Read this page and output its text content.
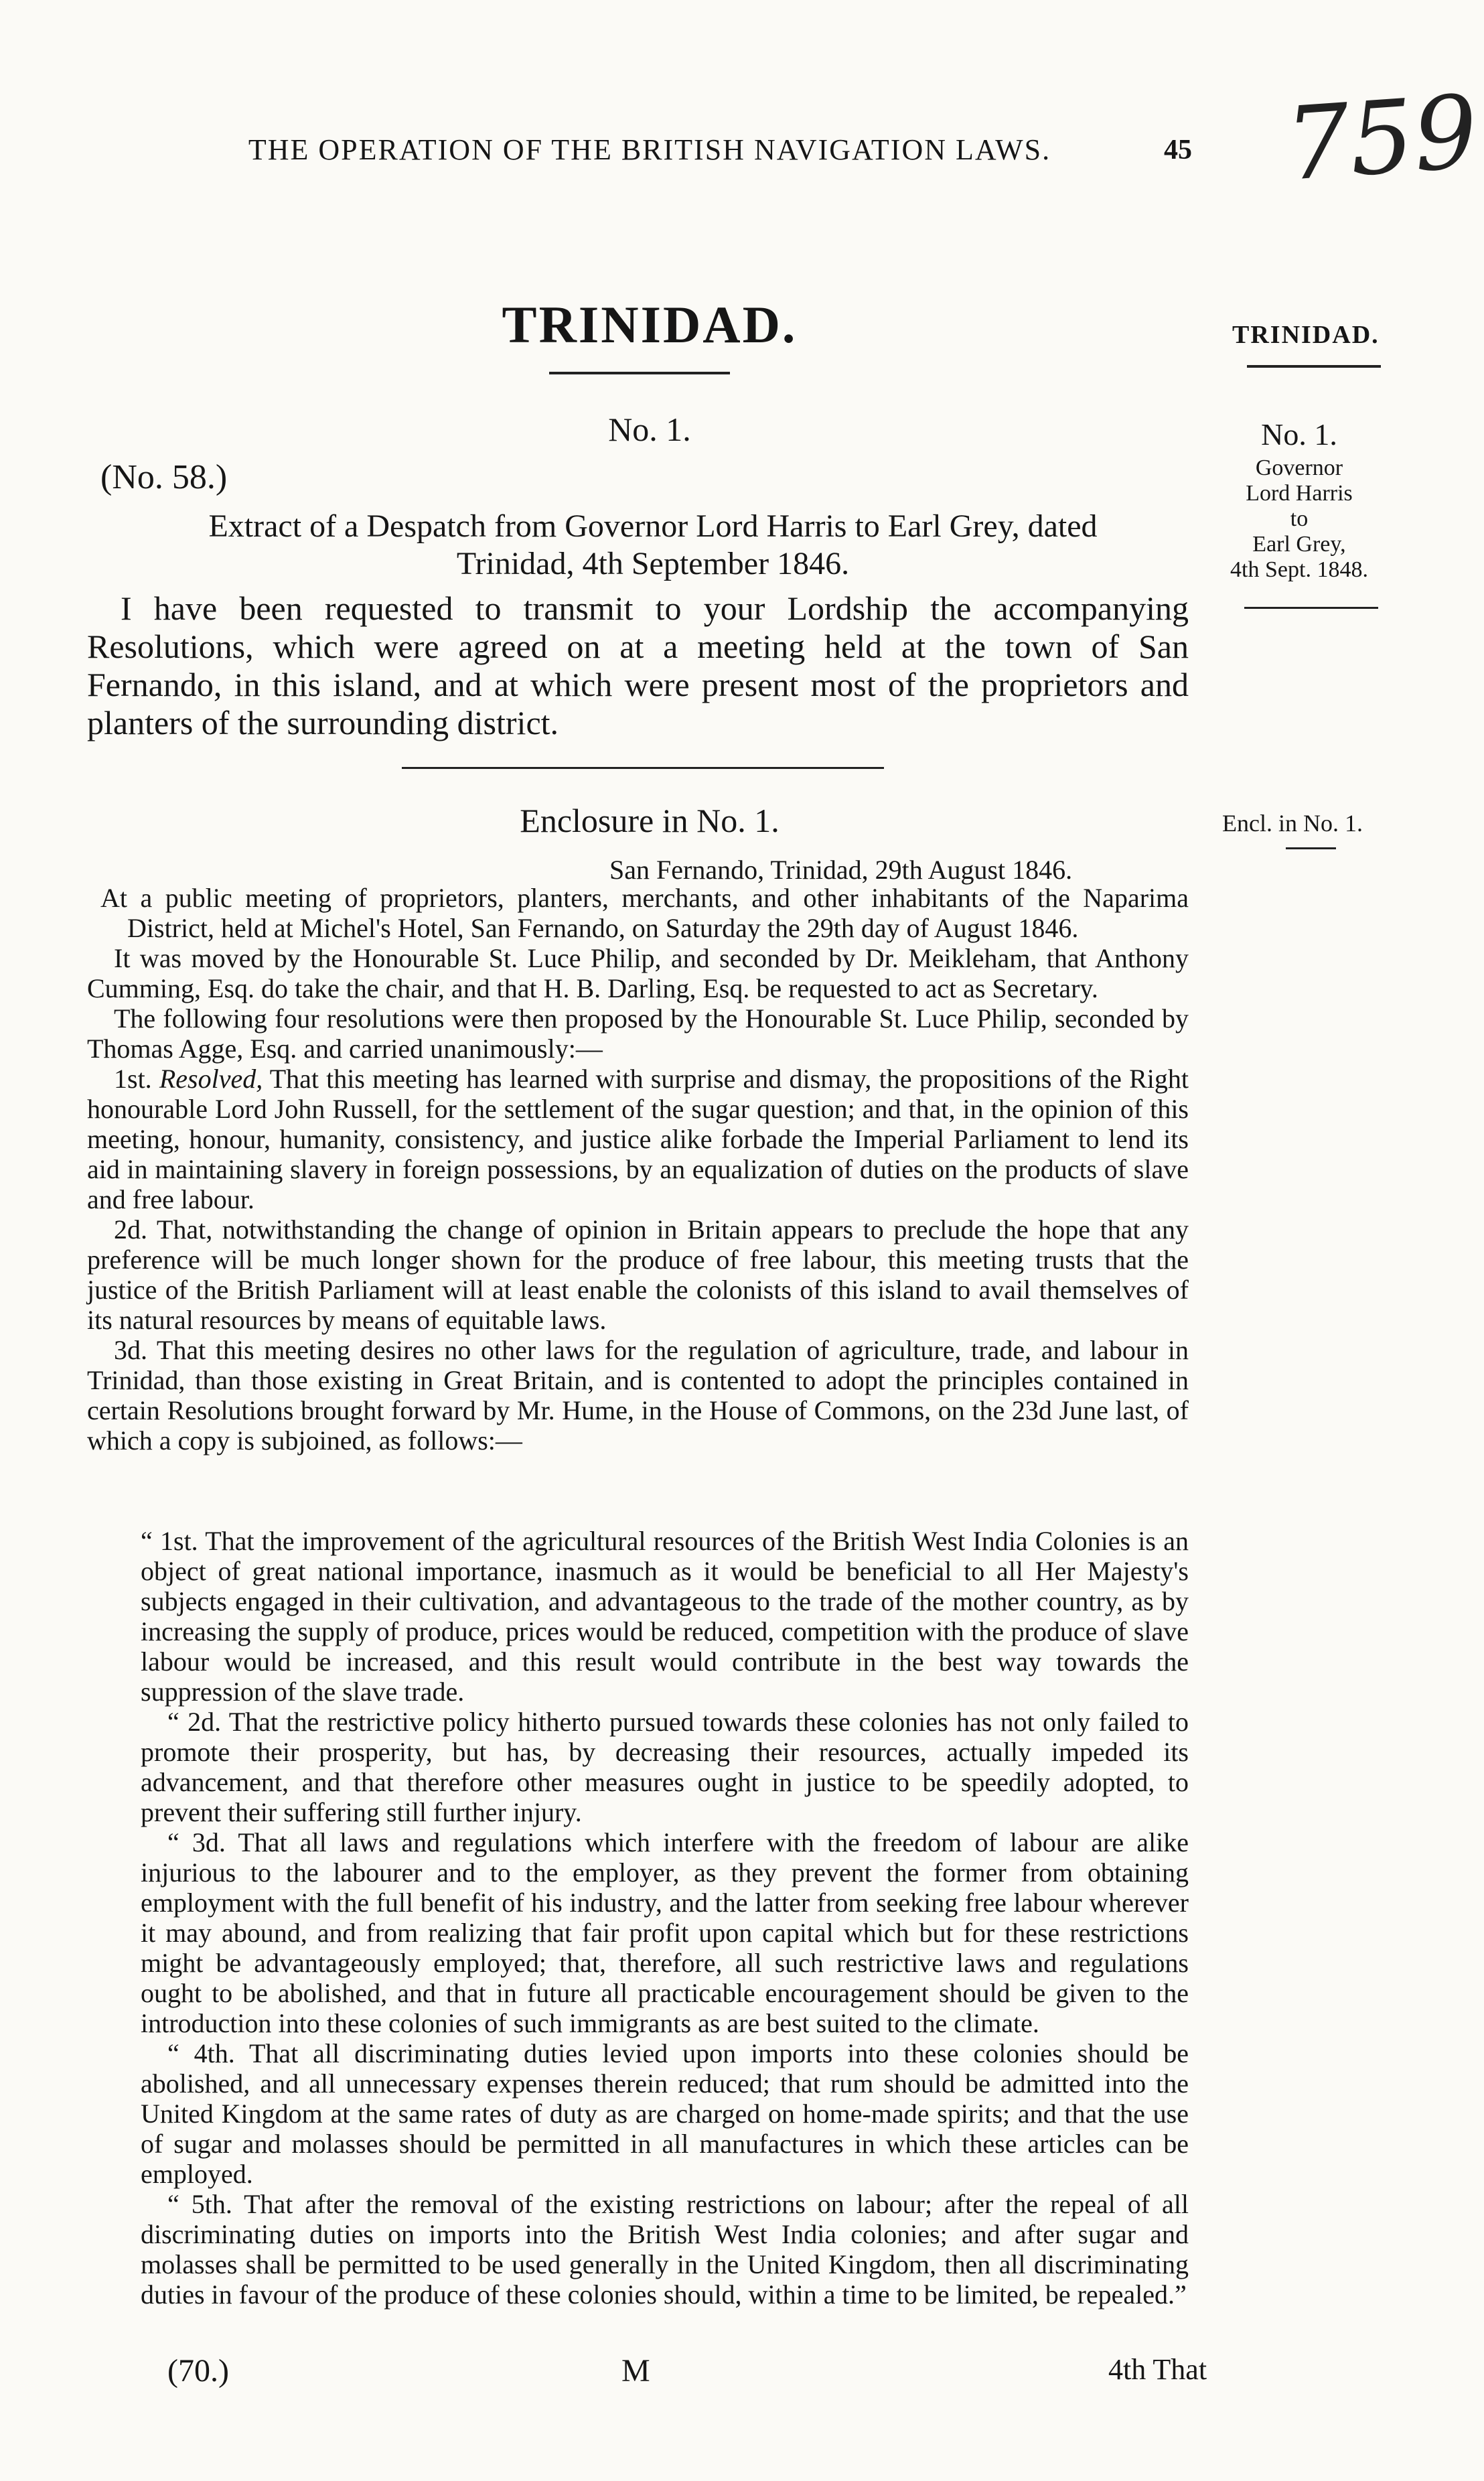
THE OPERATION OF THE BRITISH NAVIGATION LAWS.	45 759
TRINIDAD.	TRINIDAD.
No. 1.
(No. 58.)
Extract of a Despatch from Governor Lord Harris to Earl Grey, dated
Trinidad, 4th September 1846.
I have been requested to transmit to your Lordship the accompanying Resolutions, which were agreed on at a meeting held at the town of San Fernando, in this island, and at which were present most of the proprietors and planters of the surrounding district.
No. 1.
Governor
Lord Harris
to
Earl Grey,
4th Sept. 1848.
Enclosure in No. 1.	Encl. in No. 1.
San Fernando, Trinidad, 29th August 1846.

At a public meeting of proprietors, planters, merchants, and other inhabitants of the Naparima District, held at Michel's Hotel, San Fernando, on Saturday the 29th day of August 1846.

It was moved by the Honourable St. Luce Philip, and seconded by Dr. Meikleham, that Anthony Cumming, Esq. do take the chair, and that H. B. Darling, Esq. be requested to act as Secretary.

The following four resolutions were then proposed by the Honourable St. Luce Philip, seconded by Thomas Agge, Esq. and carried unanimously:—

1st. Resolved, That this meeting has learned with surprise and dismay, the propositions of the Right honourable Lord John Russell, for the settlement of the sugar question; and that, in the opinion of this meeting, honour, humanity, consistency, and justice alike forbade the Imperial Parliament to lend its aid in maintaining slavery in foreign possessions, by an equalization of duties on the products of slave and free labour.

2d. That, notwithstanding the change of opinion in Britain appears to preclude the hope that any preference will be much longer shown for the produce of free labour, this meeting trusts that the justice of the British Parliament will at least enable the colonists of this island to avail themselves of its natural resources by means of equitable laws.

3d. That this meeting desires no other laws for the regulation of agriculture, trade, and labour in Trinidad, than those existing in Great Britain, and is contented to adopt the principles contained in certain Resolutions brought forward by Mr. Hume, in the House of Commons, on the 23d June last, of which a copy is subjoined, as follows:—

“ 1st. That the improvement of the agricultural resources of the British West India Colonies is an object of great national importance, inasmuch as it would be beneficial to all Her Majesty's subjects engaged in their cultivation, and advantageous to the trade of the mother country, as by increasing the supply of produce, prices would be reduced, competition with the produce of slave labour would be increased, and this result would contribute in the best way towards the suppression of the slave trade.

“ 2d. That the restrictive policy hitherto pursued towards these colonies has not only failed to promote their prosperity, but has, by decreasing their resources, actually impeded its advancement, and that therefore other measures ought in justice to be speedily adopted, to prevent their suffering still further injury.

“ 3d. That all laws and regulations which interfere with the freedom of labour are alike injurious to the labourer and to the employer, as they prevent the former from obtaining employment with the full benefit of his industry, and the latter from seeking free labour wherever it may abound, and from realizing that fair profit upon capital which but for these restrictions might be advantageously employed; that, therefore, all such restrictive laws and regulations ought to be abolished, and that in future all practicable encouragement should be given to the introduction into these colonies of such immigrants as are best suited to the climate.

“ 4th. That all discriminating duties levied upon imports into these colonies should be abolished, and all unnecessary expenses therein reduced; that rum should be admitted into the United Kingdom at the same rates of duty as are charged on home-made spirits; and that the use of sugar and molasses should be permitted in all manufactures in which these articles can be employed.

“ 5th. That after the removal of the existing restrictions on labour; after the repeal of all discriminating duties on imports into the British West India colonies; and after sugar and molasses shall be permitted to be used generally in the United Kingdom, then all discriminating duties in favour of the produce of these colonies should, within a time to be limited, be repealed.”

(70.)	M	4th That
